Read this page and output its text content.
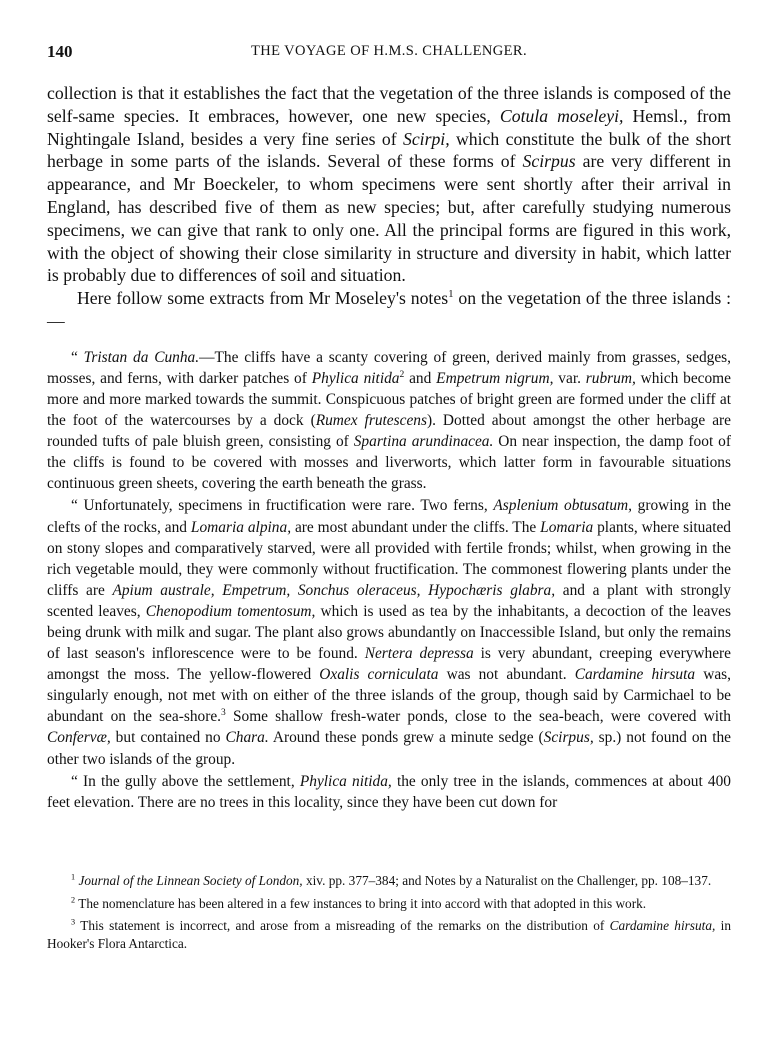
140	THE VOYAGE OF H.M.S. CHALLENGER.

collection is that it establishes the fact that the vegetation of the three islands is composed of the self-same species. It embraces, however, one new species, Cotula moseleyi, Hemsl., from Nightingale Island, besides a very fine series of Scirpi, which constitute the bulk of the short herbage in some parts of the islands. Several of these forms of Scirpus are very different in appearance, and Mr Boeckeler, to whom specimens were sent shortly after their arrival in England, has described five of them as new species; but, after carefully studying numerous specimens, we can give that rank to only one. All the principal forms are figured in this work, with the object of showing their close similarity in structure and diversity in habit, which latter is probably due to differences of soil and situation.

Here follow some extracts from Mr Moseley's notes$^1$ on the vegetation of the three islands :—

“ Tristan da Cunha.—The cliffs have a scanty covering of green, derived mainly from grasses, sedges, mosses, and ferns, with darker patches of Phylica nitida$^2$ and Empetrum nigrum, var. rubrum, which become more and more marked towards the summit. Conspicuous patches of bright green are formed under the cliff at the foot of the watercourses by a dock (Rumex frutescens). Dotted about amongst the other herbage are rounded tufts of pale bluish green, consisting of Spartina arundinacea. On near inspection, the damp foot of the cliffs is found to be covered with mosses and liverworts, which latter form in favourable situations continuous green sheets, covering the earth beneath the grass.

“ Unfortunately, specimens in fructification were rare. Two ferns, Asplenium obtusatum, growing in the clefts of the rocks, and Lomaria alpina, are most abundant under the cliffs. The Lomaria plants, where situated on stony slopes and comparatively starved, were all provided with fertile fronds; whilst, when growing in the rich vegetable mould, they were commonly without fructification. The commonest flowering plants under the cliffs are Apium australe, Empetrum, Sonchus oleraceus, Hypochæris glabra, and a plant with strongly scented leaves, Chenopodium tomentosum, which is used as tea by the inhabitants, a decoction of the leaves being drunk with milk and sugar. The plant also grows abundantly on Inaccessible Island, but only the remains of last season's inflorescence were to be found. Nertera depressa is very abundant, creeping everywhere amongst the moss. The yellow-flowered Oxalis corniculata was not abundant. Cardamine hirsuta was, singularly enough, not met with on either of the three islands of the group, though said by Carmichael to be abundant on the sea-shore.$^3$ Some shallow fresh-water ponds, close to the sea-beach, were covered with Confervæ, but contained no Chara. Around these ponds grew a minute sedge (Scirpus, sp.) not found on the other two islands of the group.

“ In the gully above the settlement, Phylica nitida, the only tree in the islands, commences at about 400 feet elevation. There are no trees in this locality, since they have been cut down for

$^1$ Journal of the Linnean Society of London, xiv. pp. 377–384; and Notes by a Naturalist on the Challenger, pp. 108–137.

$^2$ The nomenclature has been altered in a few instances to bring it into accord with that adopted in this work.

$^3$ This statement is incorrect, and arose from a misreading of the remarks on the distribution of Cardamine hirsuta, in Hooker's Flora Antarctica.
